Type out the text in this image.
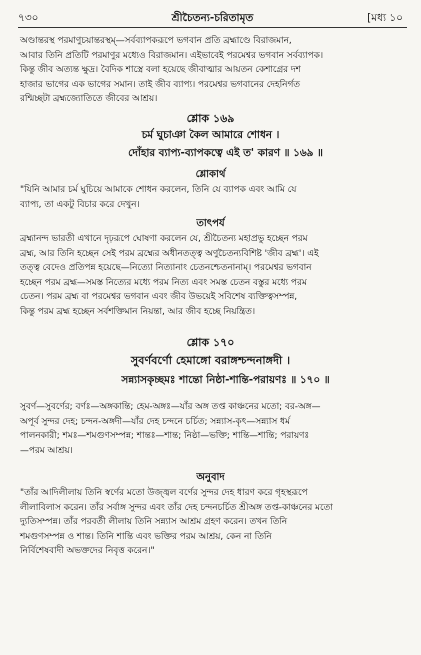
৭৩০	শ্রীচৈতন্য-চরিতামৃত	[মধ্য ১০
অণ্ডান্তরস্থ পরমাণুচয়ান্তরস্থম্—সর্বব্যাপকরূপে ভগবান প্রতি ব্রহ্মাণ্ডে বিরাজমান,
আবার তিনি প্রতিটি পরমাণুর মধ্যেও বিরাজমান। এইভাবেই পরমেশ্বর ভগবান সর্বব্যাপক।
কিন্তু জীব অত্যন্ত ক্ষুদ্র। বৈদিক শাস্ত্রে বলা হয়েছে জীবাত্মার আয়তন কেশাগ্রের দশ
হাজার ভাগের এক ভাগের সমান। তাই জীব ব্যাপ্য। পরমেশ্বর ভগবানের দেহনির্গত
রশ্মিচ্ছটা ব্রহ্মজ্যোতিতে জীবের আশ্রয়।
শ্লোক ১৬৯
চর্ম ঘুচাঞা কৈল আমারে শোধন ।
দোঁহার ব্যাপ্য-ব্যাপকত্বে এই ত' কারণ ॥ ১৬৯ ॥
শ্লোকার্থ
"যিনি আমার চর্ম ঘুচিয়ে আমাকে শোধন করলেন, তিনি যে ব্যাপক এবং আমি যে
ব্যাপ্য, তা একটু বিচার করে দেখুন।
তাৎপর্য
ব্রহ্মানন্দ ভারতী এখানে দৃঢ়রূপে ঘোষণা করলেন যে, শ্রীচৈতন্য মহাপ্রভু হচ্ছেন পরম
ব্রহ্ম, আর তিনি হচ্ছেন সেই পরম ব্রহ্মের অধীনতত্ত্ব অণুচৈতন্যবিশিষ্ট 'জীব ব্রহ্ম'। এই
তত্ত্ব বেদেও প্রতিপন্ন হয়েছে—নিত্যো নিত্যানাং চেতনশ্চেতনানাম্। পরমেশ্বর ভগবান
হচ্ছেন পরম ব্রহ্ম—সমস্ত নিত্যের মধ্যে পরম নিত্য এবং সমস্ত চেতন বস্তুর মধ্যে পরম
চেতন। পরম ব্রহ্ম বা পরমেশ্বর ভগবান এবং জীব উভয়েই সবিশেষ ব্যক্তিত্বসম্পন্ন,
কিন্তু পরম ব্রহ্ম হচ্ছেন সর্বশক্তিমান নিয়ন্তা, আর জীব হচ্ছে নিয়ন্ত্রিত।
শ্লোক ১৭০
সুবর্ণবর্ণো হেমাঙ্গো বরাঙ্গশ্চন্দনাঙ্গদী ।
সন্ন্যাসকৃচ্ছমঃ শান্তো নিষ্ঠা-শান্তি-পরায়ণঃ ॥ ১৭০ ॥
সুবর্ণ—সুবর্ণের; বর্ণঃ—অঙ্গকান্তি; হেম-অঙ্গঃ—যাঁর অঙ্গ তপ্ত কাঞ্চনের মতো; বর-অঙ্গ—
অপূর্ব সুন্দর দেহ; চন্দন-অঙ্গদী—যাঁর দেহ চন্দনে চর্চিত; সন্ন্যাস-কৃৎ—সন্ন্যাস ধর্ম
পালনকারী; শমঃ—শমগুণসম্পন্ন; শান্তঃ—শান্ত; নিষ্ঠা—ভক্তি; শান্তি—শান্তি; পরায়ণঃ
—পরম আশ্রয়।
অনুবাদ
"তাঁর আদিলীলায় তিনি স্বর্ণের মতো উজ্জ্বল বর্ণের সুন্দর দেহ ধারণ করে গৃহস্থরূপে
লীলাবিলাস করেন। তাঁর সর্বাঙ্গ সুন্দর এবং তাঁর দেহ চন্দনচর্চিত শ্রীঅঙ্গ তপ্ত-কাঞ্চনের মতো
দ্যুতিসম্পন্ন। তাঁর পরবর্তী লীলায় তিনি সন্ন্যাস আশ্রম গ্রহণ করেন। তখন তিনি
শমগুণসম্পন্ন ও শান্ত। তিনি শান্তি এবং ভক্তির পরম আশ্রয়, কেন না তিনি
নির্বিশেষবাদী অভক্তদের নিবৃত্ত করেন।"
